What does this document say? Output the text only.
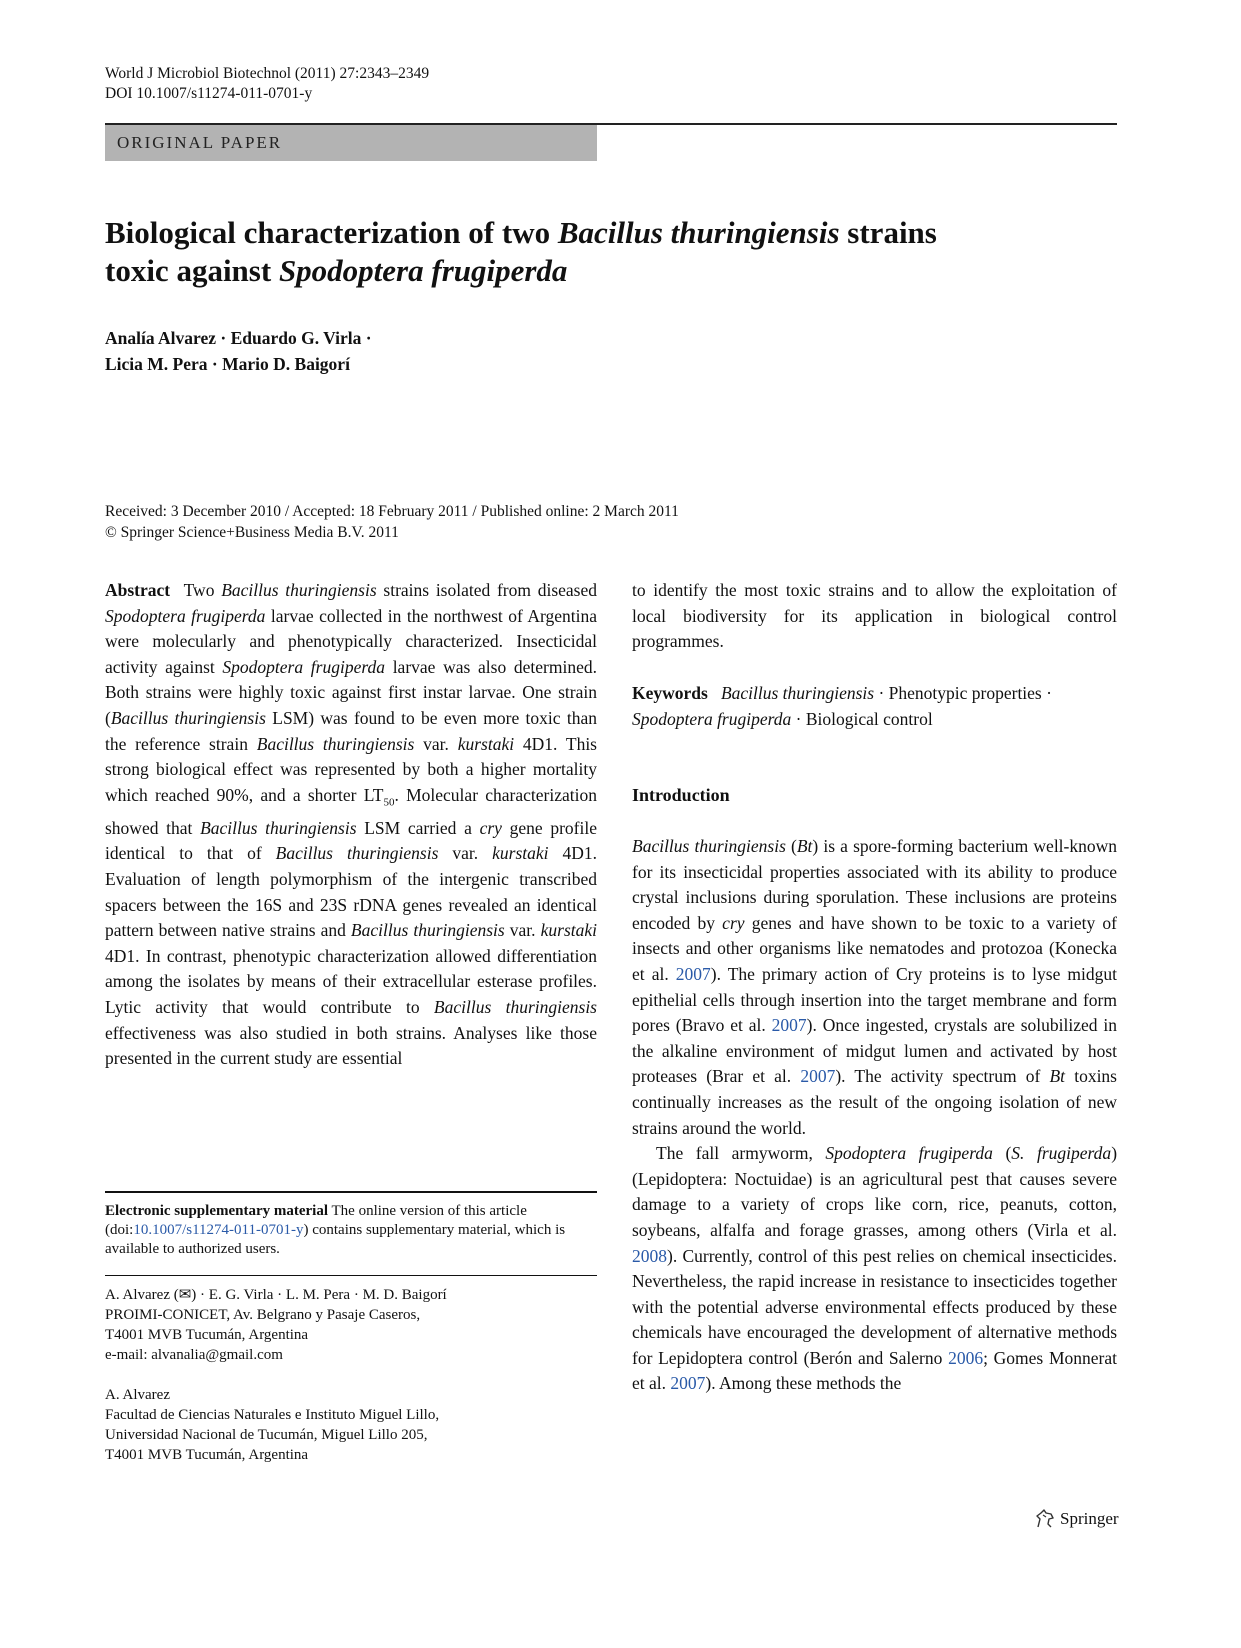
World J Microbiol Biotechnol (2011) 27:2343–2349
DOI 10.1007/s11274-011-0701-y
ORIGINAL PAPER
Biological characterization of two Bacillus thuringiensis strains
toxic against Spodoptera frugiperda
Analía Alvarez · Eduardo G. Virla ·
Licia M. Pera · Mario D. Baigorí
Received: 3 December 2010 / Accepted: 18 February 2011 / Published online: 2 March 2011
© Springer Science+Business Media B.V. 2011
Abstract Two Bacillus thuringiensis strains isolated from diseased Spodoptera frugiperda larvae collected in the northwest of Argentina were molecularly and phenotypically characterized. Insecticidal activity against Spodoptera frugiperda larvae was also determined. Both strains were highly toxic against first instar larvae. One strain (Bacillus thuringiensis LSM) was found to be even more toxic than the reference strain Bacillus thuringiensis var. kurstaki 4D1. This strong biological effect was represented by both a higher mortality which reached 90%, and a shorter $LT_{50}$. Molecular characterization showed that Bacillus thuringiensis LSM carried a cry gene profile identical to that of Bacillus thuringiensis var. kurstaki 4D1. Evaluation of length polymorphism of the intergenic transcribed spacers between the 16S and 23S rDNA genes revealed an identical pattern between native strains and Bacillus thuringiensis var. kurstaki 4D1. In contrast, phenotypic characterization allowed differentiation among the isolates by means of their extracellular esterase profiles. Lytic activity that would contribute to Bacillus thuringiensis effectiveness was also studied in both strains. Analyses like those presented in the current study are essential
to identify the most toxic strains and to allow the exploitation of local biodiversity for its application in biological control programmes.
Keywords Bacillus thuringiensis · Phenotypic properties · Spodoptera frugiperda · Biological control
Introduction

Bacillus thuringiensis (Bt) is a spore-forming bacterium well-known for its insecticidal properties associated with its ability to produce crystal inclusions during sporulation. These inclusions are proteins encoded by cry genes and have shown to be toxic to a variety of insects and other organisms like nematodes and protozoa (Konecka et al. 2007). The primary action of Cry proteins is to lyse midgut epithelial cells through insertion into the target membrane and form pores (Bravo et al. 2007). Once ingested, crystals are solubilized in the alkaline environment of midgut lumen and activated by host proteases (Brar et al. 2007). The activity spectrum of Bt toxins continually increases as the result of the ongoing isolation of new strains around the world.

The fall armyworm, Spodoptera frugiperda (S. frugiperda) (Lepidoptera: Noctuidae) is an agricultural pest that causes severe damage to a variety of crops like corn, rice, peanuts, cotton, soybeans, alfalfa and forage grasses, among others (Virla et al. 2008). Currently, control of this pest relies on chemical insecticides. Nevertheless, the rapid increase in resistance to insecticides together with the potential adverse environmental effects produced by these chemicals have encouraged the development of alternative methods for Lepidoptera control (Berón and Salerno 2006; Gomes Monnerat et al. 2007). Among these methods the

Electronic supplementary material The online version of this article (doi:10.1007/s11274-011-0701-y) contains supplementary material, which is available to authorized users.
A. Alvarez (✉) · E. G. Virla · L. M. Pera · M. D. Baigorí
PROIMI-CONICET, Av. Belgrano y Pasaje Caseros,
T4001 MVB Tucumán, Argentina
e-mail: alvanalia@gmail.com
A. Alvarez
Facultad de Ciencias Naturales e Instituto Miguel Lillo,
Universidad Nacional de Tucumán, Miguel Lillo 205,
T4001 MVB Tucumán, Argentina
Springer
